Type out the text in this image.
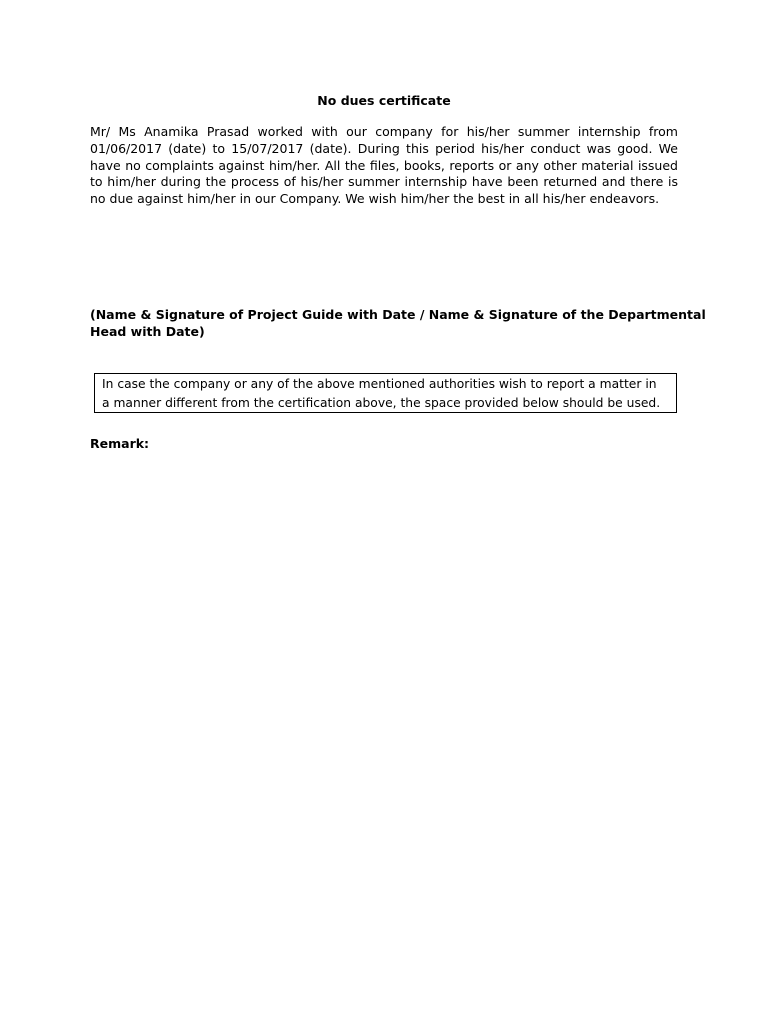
No dues certificate
Mr/ Ms Anamika Prasad worked with our company for his/her summer internship from
01/06/2017 (date) to 15/07/2017 (date). During this period his/her conduct was good. We
have no complaints against him/her. All the files, books, reports or any other material issued
to him/her during the process of his/her summer internship have been returned and there is
no due against him/her in our Company. We wish him/her the best in all his/her endeavors.
(Name & Signature of Project Guide with Date / Name & Signature of the Departmental
Head with Date)
In case the company or any of the above mentioned authorities wish to report a matter in
a manner different from the certification above, the space provided below should be used.
Remark:
